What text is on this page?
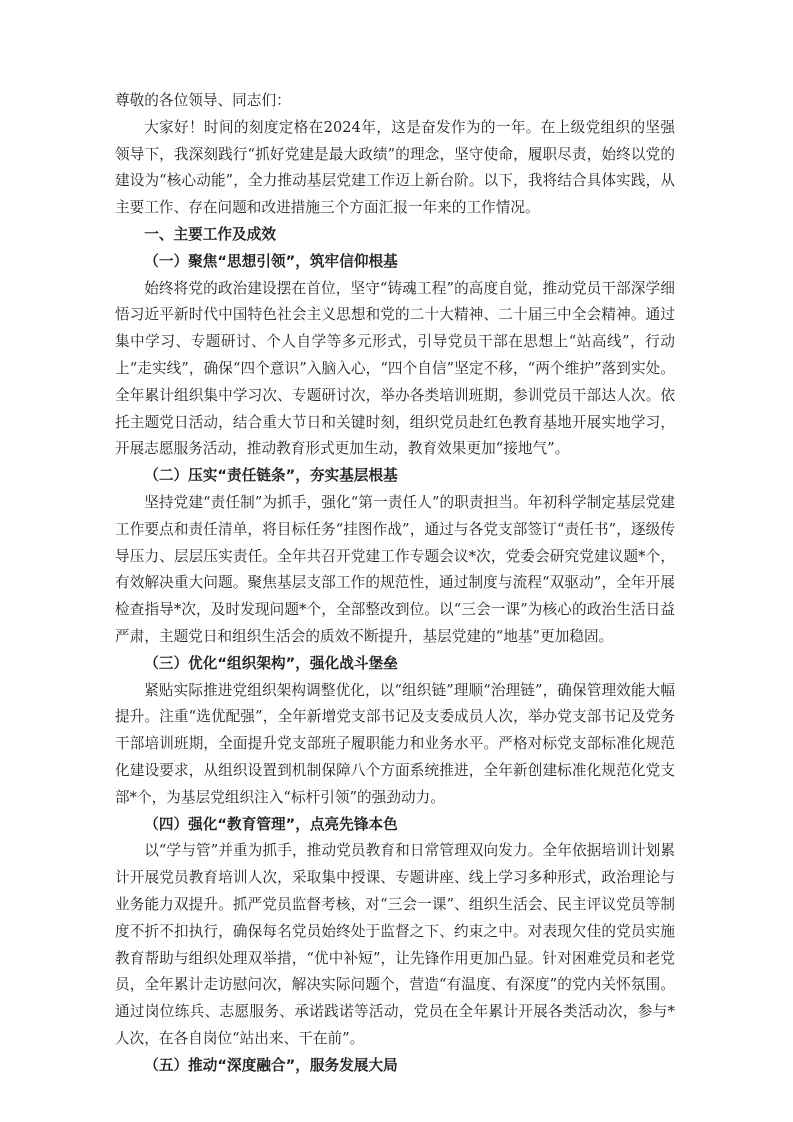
尊敬的各位领导、同志们：

大家好！时间的刻度定格在2024年，这是奋发作为的一年。在上级党组织的坚强领导下，我深刻践行“抓好党建是最大政绩”的理念，坚守使命，履职尽责，始终以党的建设为“核心动能”，全力推动基层党建工作迈上新台阶。以下，我将结合具体实践，从主要工作、存在问题和改进措施三个方面汇报一年来的工作情况。

一、主要工作及成效

（一）聚焦“思想引领”，筑牢信仰根基

始终将党的政治建设摆在首位，坚守“铸魂工程”的高度自觉，推动党员干部深学细悟习近平新时代中国特色社会主义思想和党的二十大精神、二十届三中全会精神。通过集中学习、专题研讨、个人自学等多元形式，引导党员干部在思想上“站高线”，行动上“走实线”，确保“四个意识”入脑入心，“四个自信”坚定不移，“两个维护”落到实处。全年累计组织集中学习次、专题研讨次，举办各类培训班期，参训党员干部达人次。依托主题党日活动，结合重大节日和关键时刻，组织党员赴红色教育基地开展实地学习，开展志愿服务活动，推动教育形式更加生动，教育效果更加“接地气”。

（二）压实“责任链条”，夯实基层根基

坚持党建“责任制”为抓手，强化“第一责任人”的职责担当。年初科学制定基层党建工作要点和责任清单，将目标任务“挂图作战”，通过与各党支部签订“责任书”，逐级传导压力、层层压实责任。全年共召开党建工作专题会议*次，党委会研究党建议题*个，有效解决重大问题。聚焦基层支部工作的规范性，通过制度与流程“双驱动”，全年开展检查指导*次，及时发现问题*个，全部整改到位。以“三会一课”为核心的政治生活日益严肃，主题党日和组织生活会的质效不断提升，基层党建的“地基”更加稳固。

（三）优化“组织架构”，强化战斗堡垒

紧贴实际推进党组织架构调整优化，以“组织链”理顺“治理链”，确保管理效能大幅提升。注重“选优配强”，全年新增党支部书记及支委成员人次，举办党支部书记及党务干部培训班期，全面提升党支部班子履职能力和业务水平。严格对标党支部标准化规范化建设要求，从组织设置到机制保障八个方面系统推进，全年新创建标准化规范化党支部*个，为基层党组织注入“标杆引领”的强劲动力。

（四）强化“教育管理”，点亮先锋本色

以“学与管”并重为抓手，推动党员教育和日常管理双向发力。全年依据培训计划累计开展党员教育培训人次，采取集中授课、专题讲座、线上学习多种形式，政治理论与业务能力双提升。抓严党员监督考核，对“三会一课”、组织生活会、民主评议党员等制度不折不扣执行，确保每名党员始终处于监督之下、约束之中。对表现欠佳的党员实施教育帮助与组织处理双举措，“优中补短”，让先锋作用更加凸显。针对困难党员和老党员，全年累计走访慰问次，解决实际问题个，营造“有温度、有深度”的党内关怀氛围。通过岗位练兵、志愿服务、承诺践诺等活动，党员在全年累计开展各类活动次，参与*人次，在各自岗位“站出来、干在前”。

（五）推动“深度融合”，服务发展大局
